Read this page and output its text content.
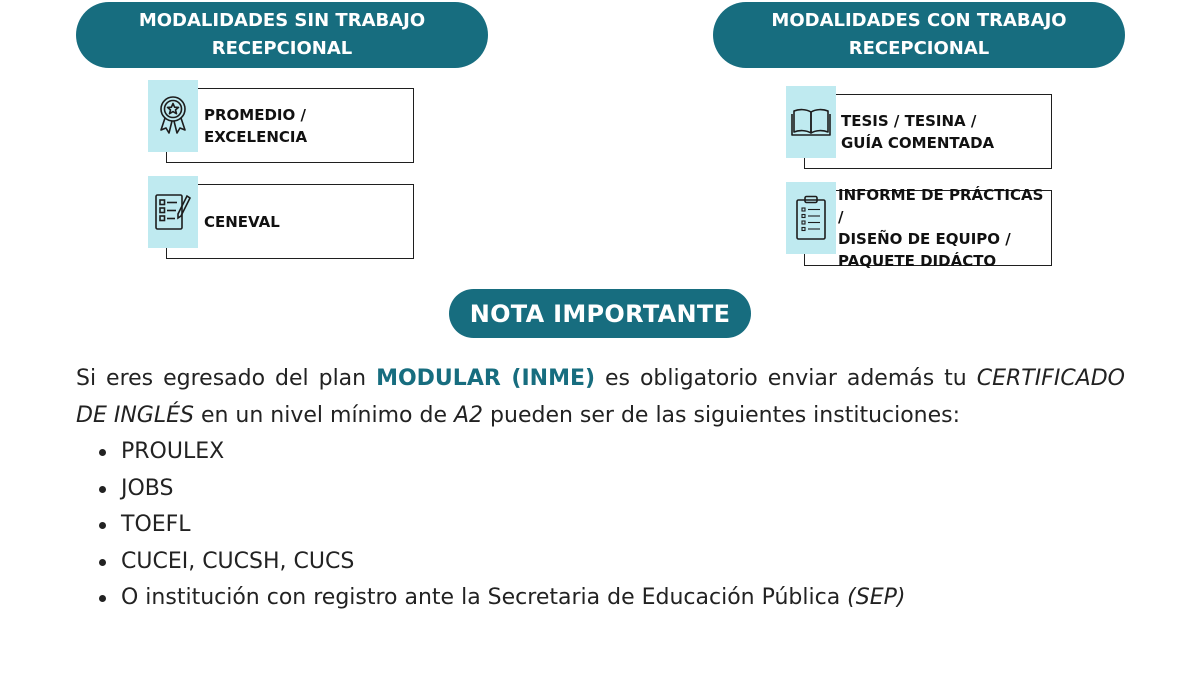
MODALIDADES SIN TRABAJO
RECEPCIONAL
MODALIDADES CON TRABAJO
RECEPCIONAL
PROMEDIO /
EXCELENCIA
CENEVAL
TESIS / TESINA /
GUÍA COMENTADA
INFORME DE PRÁCTICAS /
DISEÑO DE EQUIPO /
PAQUETE DIDÁCTO
NOTA IMPORTANTE

Si eres egresado del plan MODULAR (INME) es obligatorio enviar además tu CERTIFICADO DE INGLÉS en un nivel mínimo de A2 pueden ser de las siguientes instituciones:

PROULEX
JOBS
TOEFL
CUCEI, CUCSH, CUCS
O institución con registro ante la Secretaria de Educación Pública (SEP)
